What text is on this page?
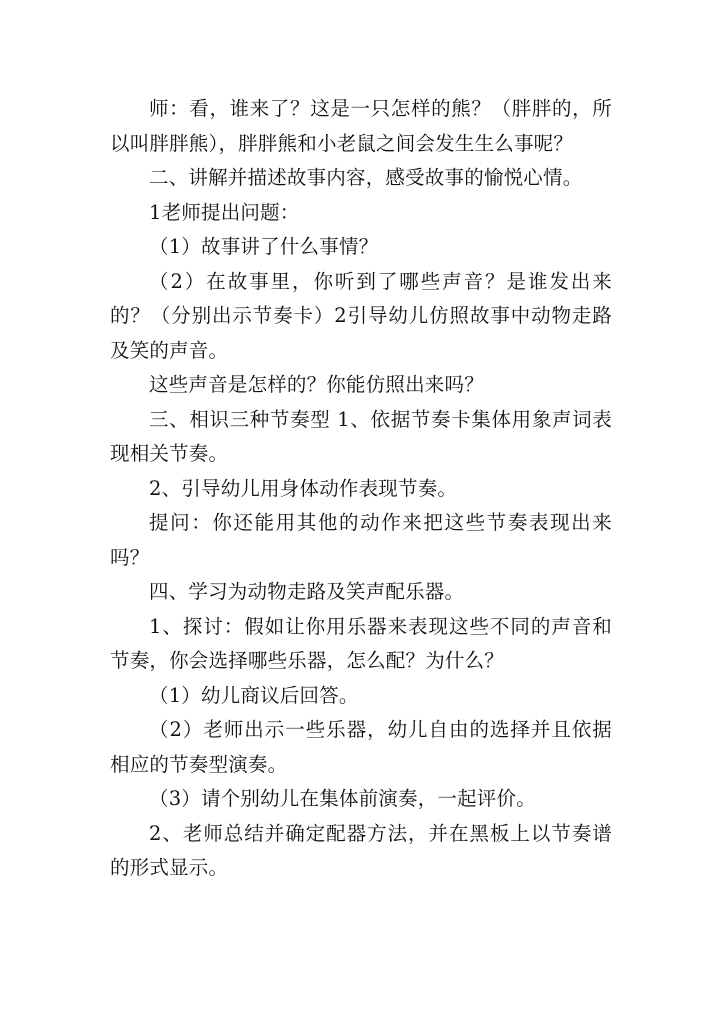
师：看，谁来了？这是一只怎样的熊？（胖胖的，所以叫胖胖熊），胖胖熊和小老鼠之间会发生生么事呢？

二、讲解并描述故事内容，感受故事的愉悦心情。

1老师提出问题：

（1）故事讲了什么事情？

（2）在故事里，你听到了哪些声音？是谁发出来的？（分别出示节奏卡）2引导幼儿仿照故事中动物走路及笑的声音。

这些声音是怎样的？你能仿照出来吗？

三、相识三种节奏型 1、依据节奏卡集体用象声词表现相关节奏。

2、引导幼儿用身体动作表现节奏。

提问：你还能用其他的动作来把这些节奏表现出来吗？

四、学习为动物走路及笑声配乐器。

1、探讨：假如让你用乐器来表现这些不同的声音和节奏，你会选择哪些乐器，怎么配？为什么？

（1）幼儿商议后回答。

（2）老师出示一些乐器，幼儿自由的选择并且依据相应的节奏型演奏。

（3）请个别幼儿在集体前演奏，一起评价。

2、老师总结并确定配器方法，并在黑板上以节奏谱的形式显示。
